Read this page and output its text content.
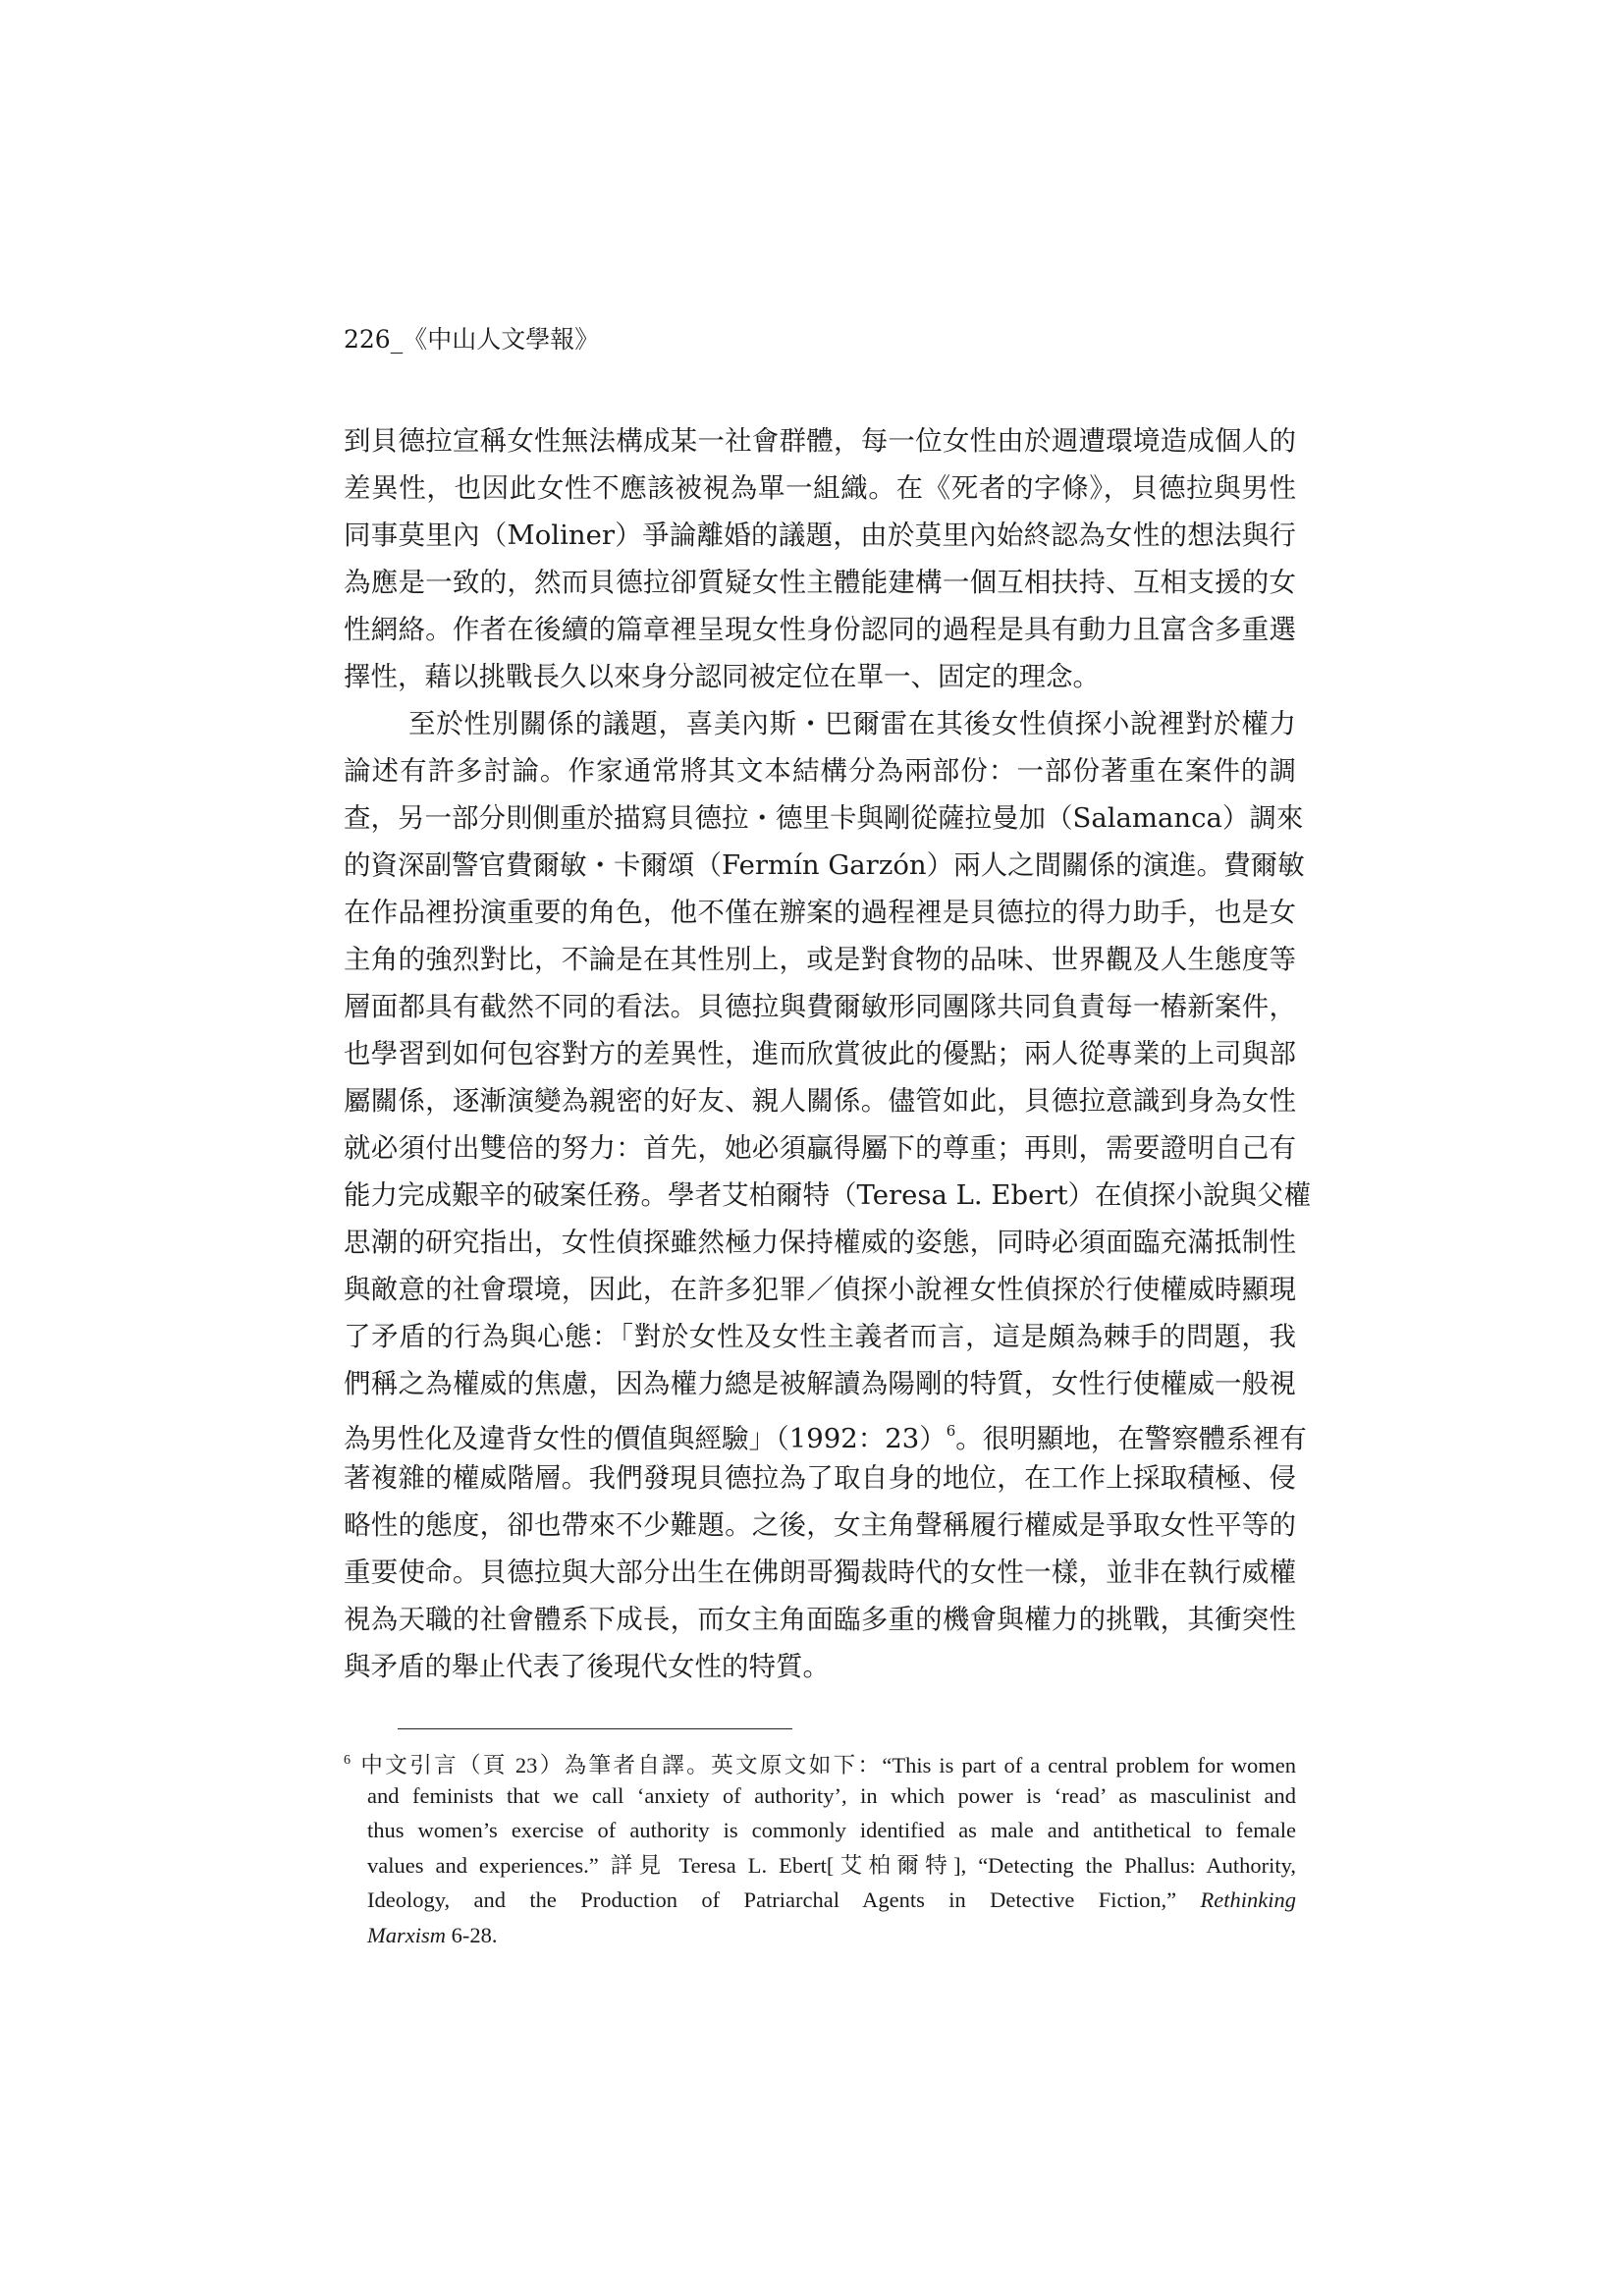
226_《中山人文學報》
到貝德拉宣稱女性無法構成某一社會群體，每一位女性由於週遭環境造成個人的
差異性，也因此女性不應該被視為單一組織。在《死者的字條》，貝德拉與男性
同事莫里內（Moliner）爭論離婚的議題，由於莫里內始終認為女性的想法與行
為應是一致的，然而貝德拉卻質疑女性主體能建構一個互相扶持、互相支援的女
性網絡。作者在後續的篇章裡呈現女性身份認同的過程是具有動力且富含多重選
擇性，藉以挑戰長久以來身分認同被定位在單一、固定的理念。
至於性別關係的議題，喜美內斯・巴爾雷在其後女性偵探小說裡對於權力
論述有許多討論。作家通常將其文本結構分為兩部份：一部份著重在案件的調
查，另一部分則側重於描寫貝德拉・德里卡與剛從薩拉曼加（Salamanca）調來
的資深副警官費爾敏・卡爾頌（Fermín Garzón）兩人之間關係的演進。費爾敏
在作品裡扮演重要的角色，他不僅在辦案的過程裡是貝德拉的得力助手，也是女
主角的強烈對比，不論是在其性別上，或是對食物的品味、世界觀及人生態度等
層面都具有截然不同的看法。貝德拉與費爾敏形同團隊共同負責每一樁新案件，
也學習到如何包容對方的差異性，進而欣賞彼此的優點；兩人從專業的上司與部
屬關係，逐漸演變為親密的好友、親人關係。儘管如此，貝德拉意識到身為女性
就必須付出雙倍的努力：首先，她必須贏得屬下的尊重；再則，需要證明自己有
能力完成艱辛的破案任務。學者艾柏爾特（Teresa L. Ebert）在偵探小說與父權
思潮的研究指出，女性偵探雖然極力保持權威的姿態，同時必須面臨充滿抵制性
與敵意的社會環境，因此，在許多犯罪／偵探小說裡女性偵探於行使權威時顯現
了矛盾的行為與心態：「對於女性及女性主義者而言，這是頗為棘手的問題，我
們稱之為權威的焦慮，因為權力總是被解讀為陽剛的特質，女性行使權威一般視
為男性化及違背女性的價值與經驗」（1992：23）$^6$。很明顯地，在警察體系裡有
著複雜的權威階層。我們發現貝德拉為了取自身的地位，在工作上採取積極、侵
略性的態度，卻也帶來不少難題。之後，女主角聲稱履行權威是爭取女性平等的
重要使命。貝德拉與大部分出生在佛朗哥獨裁時代的女性一樣，並非在執行威權
視為天職的社會體系下成長，而女主角面臨多重的機會與權力的挑戰，其衝突性
與矛盾的舉止代表了後現代女性的特質。
$^6$ 中文引言（頁 23）為筆者自譯。英文原文如下：“This is part of a central problem for women
and feminists that we call ‘anxiety of authority’, in which power is ‘read’ as masculinist and
thus women’s exercise of authority is commonly identified as male and antithetical to female
values and experiences.” 詳見 Teresa L. Ebert[艾柏爾特], “Detecting the Phallus: Authority,
Ideology, and the Production of Patriarchal Agents in Detective Fiction,” Rethinking
Marxism 6-28.
